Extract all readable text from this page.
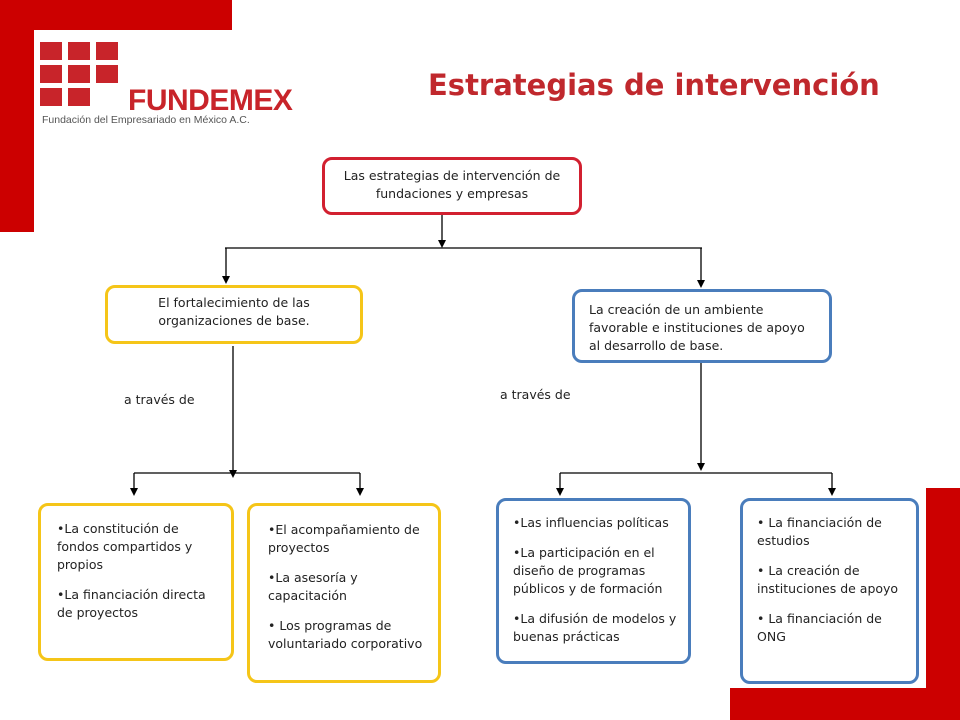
FUNDEMEX
Fundación del Empresariado en México A.C.
Estrategias de intervención
Las estrategias de intervención de fundaciones y empresas
El fortalecimiento de las organizaciones de base.
La creación de un ambiente favorable e instituciones de apoyo al desarrollo de base.
a través de	a través de
•La constitución de fondos compartidos y propios
•La financiación directa de proyectos
•El acompañamiento de proyectos
•La asesoría y capacitación
• Los programas de voluntariado corporativo
•Las influencias políticas
•La participación en el diseño de programas públicos y de formación
•La difusión de modelos y buenas prácticas
• La financiación de estudios
• La creación de instituciones de apoyo
• La financiación de ONG
